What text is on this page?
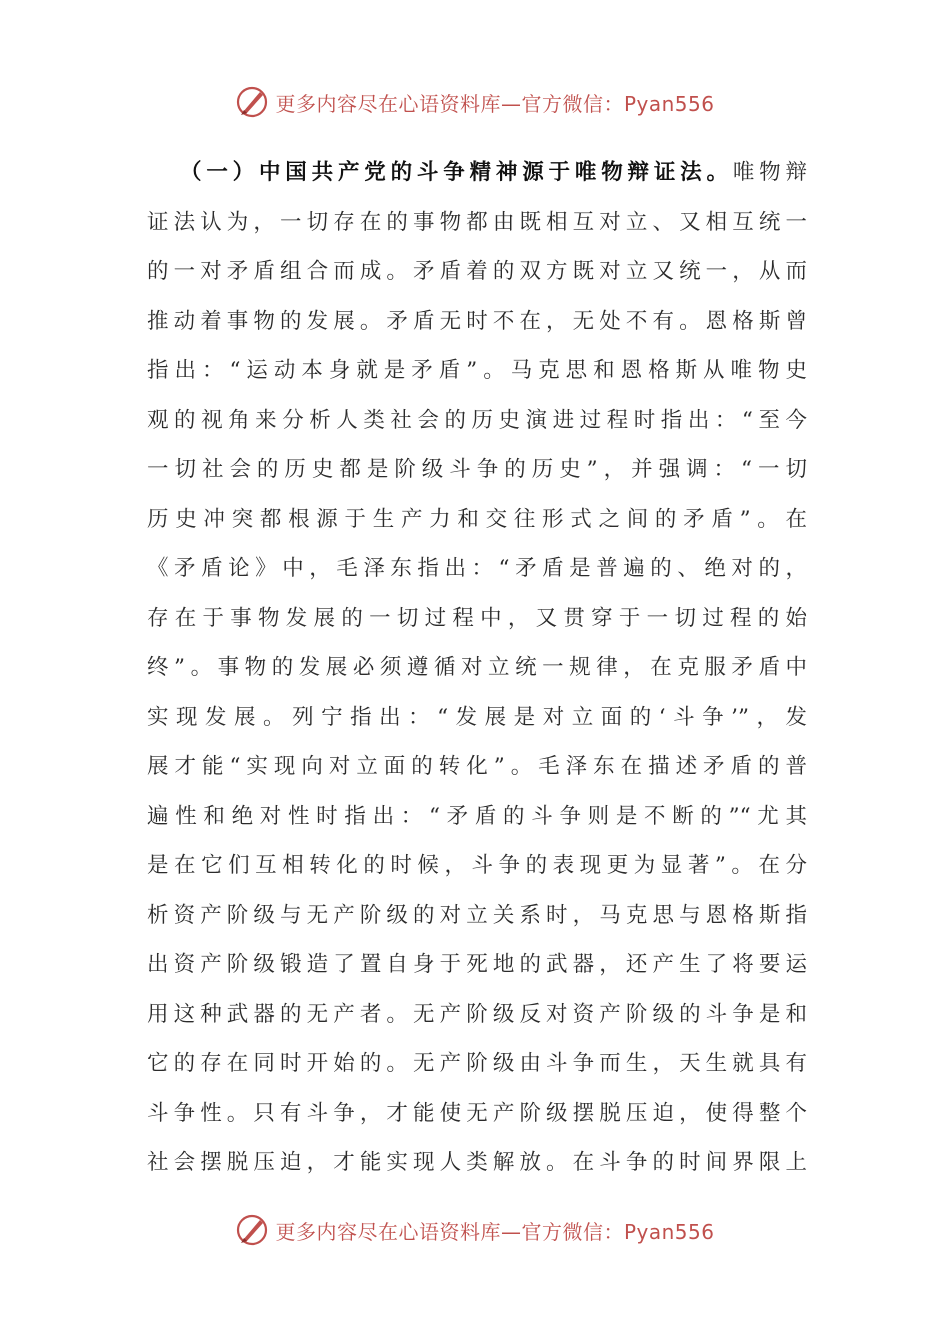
更多内容尽在心语资料库—官方微信：Pyan556
（一）中国共产党的斗争精神源于唯物辩证法。唯物辩
证法认为，一切存在的事物都由既相互对立、又相互统一
的一对矛盾组合而成。矛盾着的双方既对立又统一，从而
推动着事物的发展。矛盾无时不在，无处不有。恩格斯曾
指出：“运动本身就是矛盾”。马克思和恩格斯从唯物史
观的视角来分析人类社会的历史演进过程时指出：“至今
一切社会的历史都是阶级斗争的历史”，并强调：“一切
历史冲突都根源于生产力和交往形式之间的矛盾”。在
《矛盾论》中，毛泽东指出：“矛盾是普遍的、绝对的，
存在于事物发展的一切过程中，又贯穿于一切过程的始
终”。事物的发展必须遵循对立统一规律，在克服矛盾中
实现发展。列宁指出：“发展是对立面的‘斗争’”，发
展才能“实现向对立面的转化”。毛泽东在描述矛盾的普
遍性和绝对性时指出：“矛盾的斗争则是不断的”“尤其
是在它们互相转化的时候，斗争的表现更为显著”。在分
析资产阶级与无产阶级的对立关系时，马克思与恩格斯指
出资产阶级锻造了置自身于死地的武器，还产生了将要运
用这种武器的无产者。无产阶级反对资产阶级的斗争是和
它的存在同时开始的。无产阶级由斗争而生，天生就具有
斗争性。只有斗争，才能使无产阶级摆脱压迫，使得整个
社会摆脱压迫，才能实现人类解放。在斗争的时间界限上
更多内容尽在心语资料库—官方微信：Pyan556
